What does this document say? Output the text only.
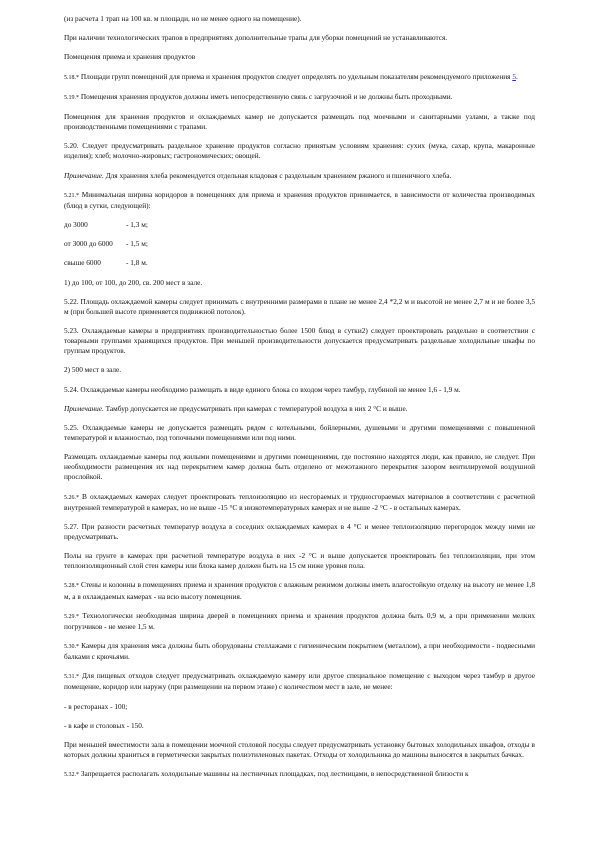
(из расчета 1 трап на 100 кв. м площади, но не менее одного на помещение).

При наличии технологических трапов в предприятиях дополнительные трапы для уборки помещений не устанавливаются.

Помещения приема и хранения продуктов

5.18.* Площади групп помещений для приема и хранения продуктов следует определять по удельным показателям рекомендуемого приложения 5.

5.19.* Помещения хранения продуктов должны иметь непосредственную связь с загрузочной и не должны быть проходными.

Помещения для хранения продуктов и охлаждаемых камер не допускается размещать под моечными и санитарными узлами, а также под производственными помещениями с трапами.

5.20. Следует предусматривать раздельное хранение продуктов согласно принятым условиям хранения: сухих (мука, сахар, крупа, макаронные изделия); хлеб; молочно-жировых; гастрономических; овощей.

Примечание. Для хранения хлеба рекомендуется отдельная кладовая с раздельным хранением ржаного и пшеничного хлеба.

5.21.* Минимальная ширина коридоров в помещениях для приема и хранения продуктов принимается, в зависимости от количества производимых (блюд в сутки, следующей):

до 3000	- 1,3 м;

от 3000 до 6000 - 1,5 м;

свыше 6000	- 1,8 м.

1) до 100, от 100, до 200, св. 200 мест в зале.

5.22. Площадь охлаждаемой камеры следует принимать с внутренними размерами в плане не менее 2,4 *2,2 м и высотой не менее 2,7 м и не более 3,5 м (при большей высоте применяется подвижной потолок).

5.23. Охлаждаемые камеры в предприятиях производительностью более 1500 блюд в сутки2) следует проектировать раздельно в соответствии с товарными группами хранящихся продуктов. При меньшей производительности допускается предусматривать раздельные холодильные шкафы по группам продуктов.

2) 500 мест в зале.

5.24. Охлаждаемые камеры необходимо размещать в виде единого блока со входом через тамбур, глубиной не менее 1,6 - 1,9 м.

Примечание. Тамбур допускается не предусматривать при камерах с температурой воздуха в них 2 °С и выше.

5.25. Охлаждаемые камеры не допускается размещать рядом с котельными, бойлерными, душевыми и другими помещениями с повышенной температурой и влажностью, под топочными помещениями или под ними.

Размещать охлаждаемые камеры под жилыми помещениями и другими помещениями, где постоянно находятся люди, как правило, не следует. При необходимости размещения их над перекрытием камер должна быть отделено от межэтажного перекрытия зазором вентилируемой воздушной прослойкой.

5.26.* В охлаждаемых камерах следует проектировать теплоизоляцию из несгораемых и трудносгораемых материалов в соответствии с расчетной внутренней температурой в камерах, но не выше -15 °С в низкотемпературных камерах и не выше -2 °С - в остальных камерах.

5.27. При разности расчетных температур воздуха в соседних охлаждаемых камерах в 4 °С и менее теплоизоляцию перегородок между ними не предусматривать.

Полы на грунте в камерах при расчетной температуре воздуха в них -2 °С и выше допускается проектировать без теплоизоляции, при этом теплоизоляционный слой стен камеры или блока камер должен быть на 15 см ниже уровня пола.

5.28.* Стены и колонны в помещениях приема и хранения продуктов с влажным режимом должны иметь влагостойкую отделку на высоту не менее 1,8 м, а в охлаждаемых камерах - на всю высоту помещения.

5.29.* Технологически необходимая ширина дверей в помещениях приема и хранения продуктов должна быть 0,9 м, а при применении мелких погрузчиков - не менее 1,5 м.

5.30.* Камеры для хранения мяса должны быть оборудованы стеллажами с гигиеническим покрытием (металлом), а при необходимости - подвесными балками с крючьями.

5.31.* Для пищевых отходов следует предусматривать охлаждаемую камеру или другое специальное помещение с выходом через тамбур в другое помещение, коридор или наружу (при размещении на первом этаже) с количеством мест в зале, не менее:

- в ресторанах - 100;

- в кафе и столовых - 150.

При меньшей вместимости зала в помещении моечной столовой посуды следует предусматривать установку бытовых холодильных шкафов, отходы в которых должны храниться в герметически закрытых полиэтиленовых пакетах. Отходы от холодильника до машины выносятся в закрытых бачках.

5.32.* Запрещается располагать холодильные машины на лестничных площадках, под лестницами, в непосредственной близости к
